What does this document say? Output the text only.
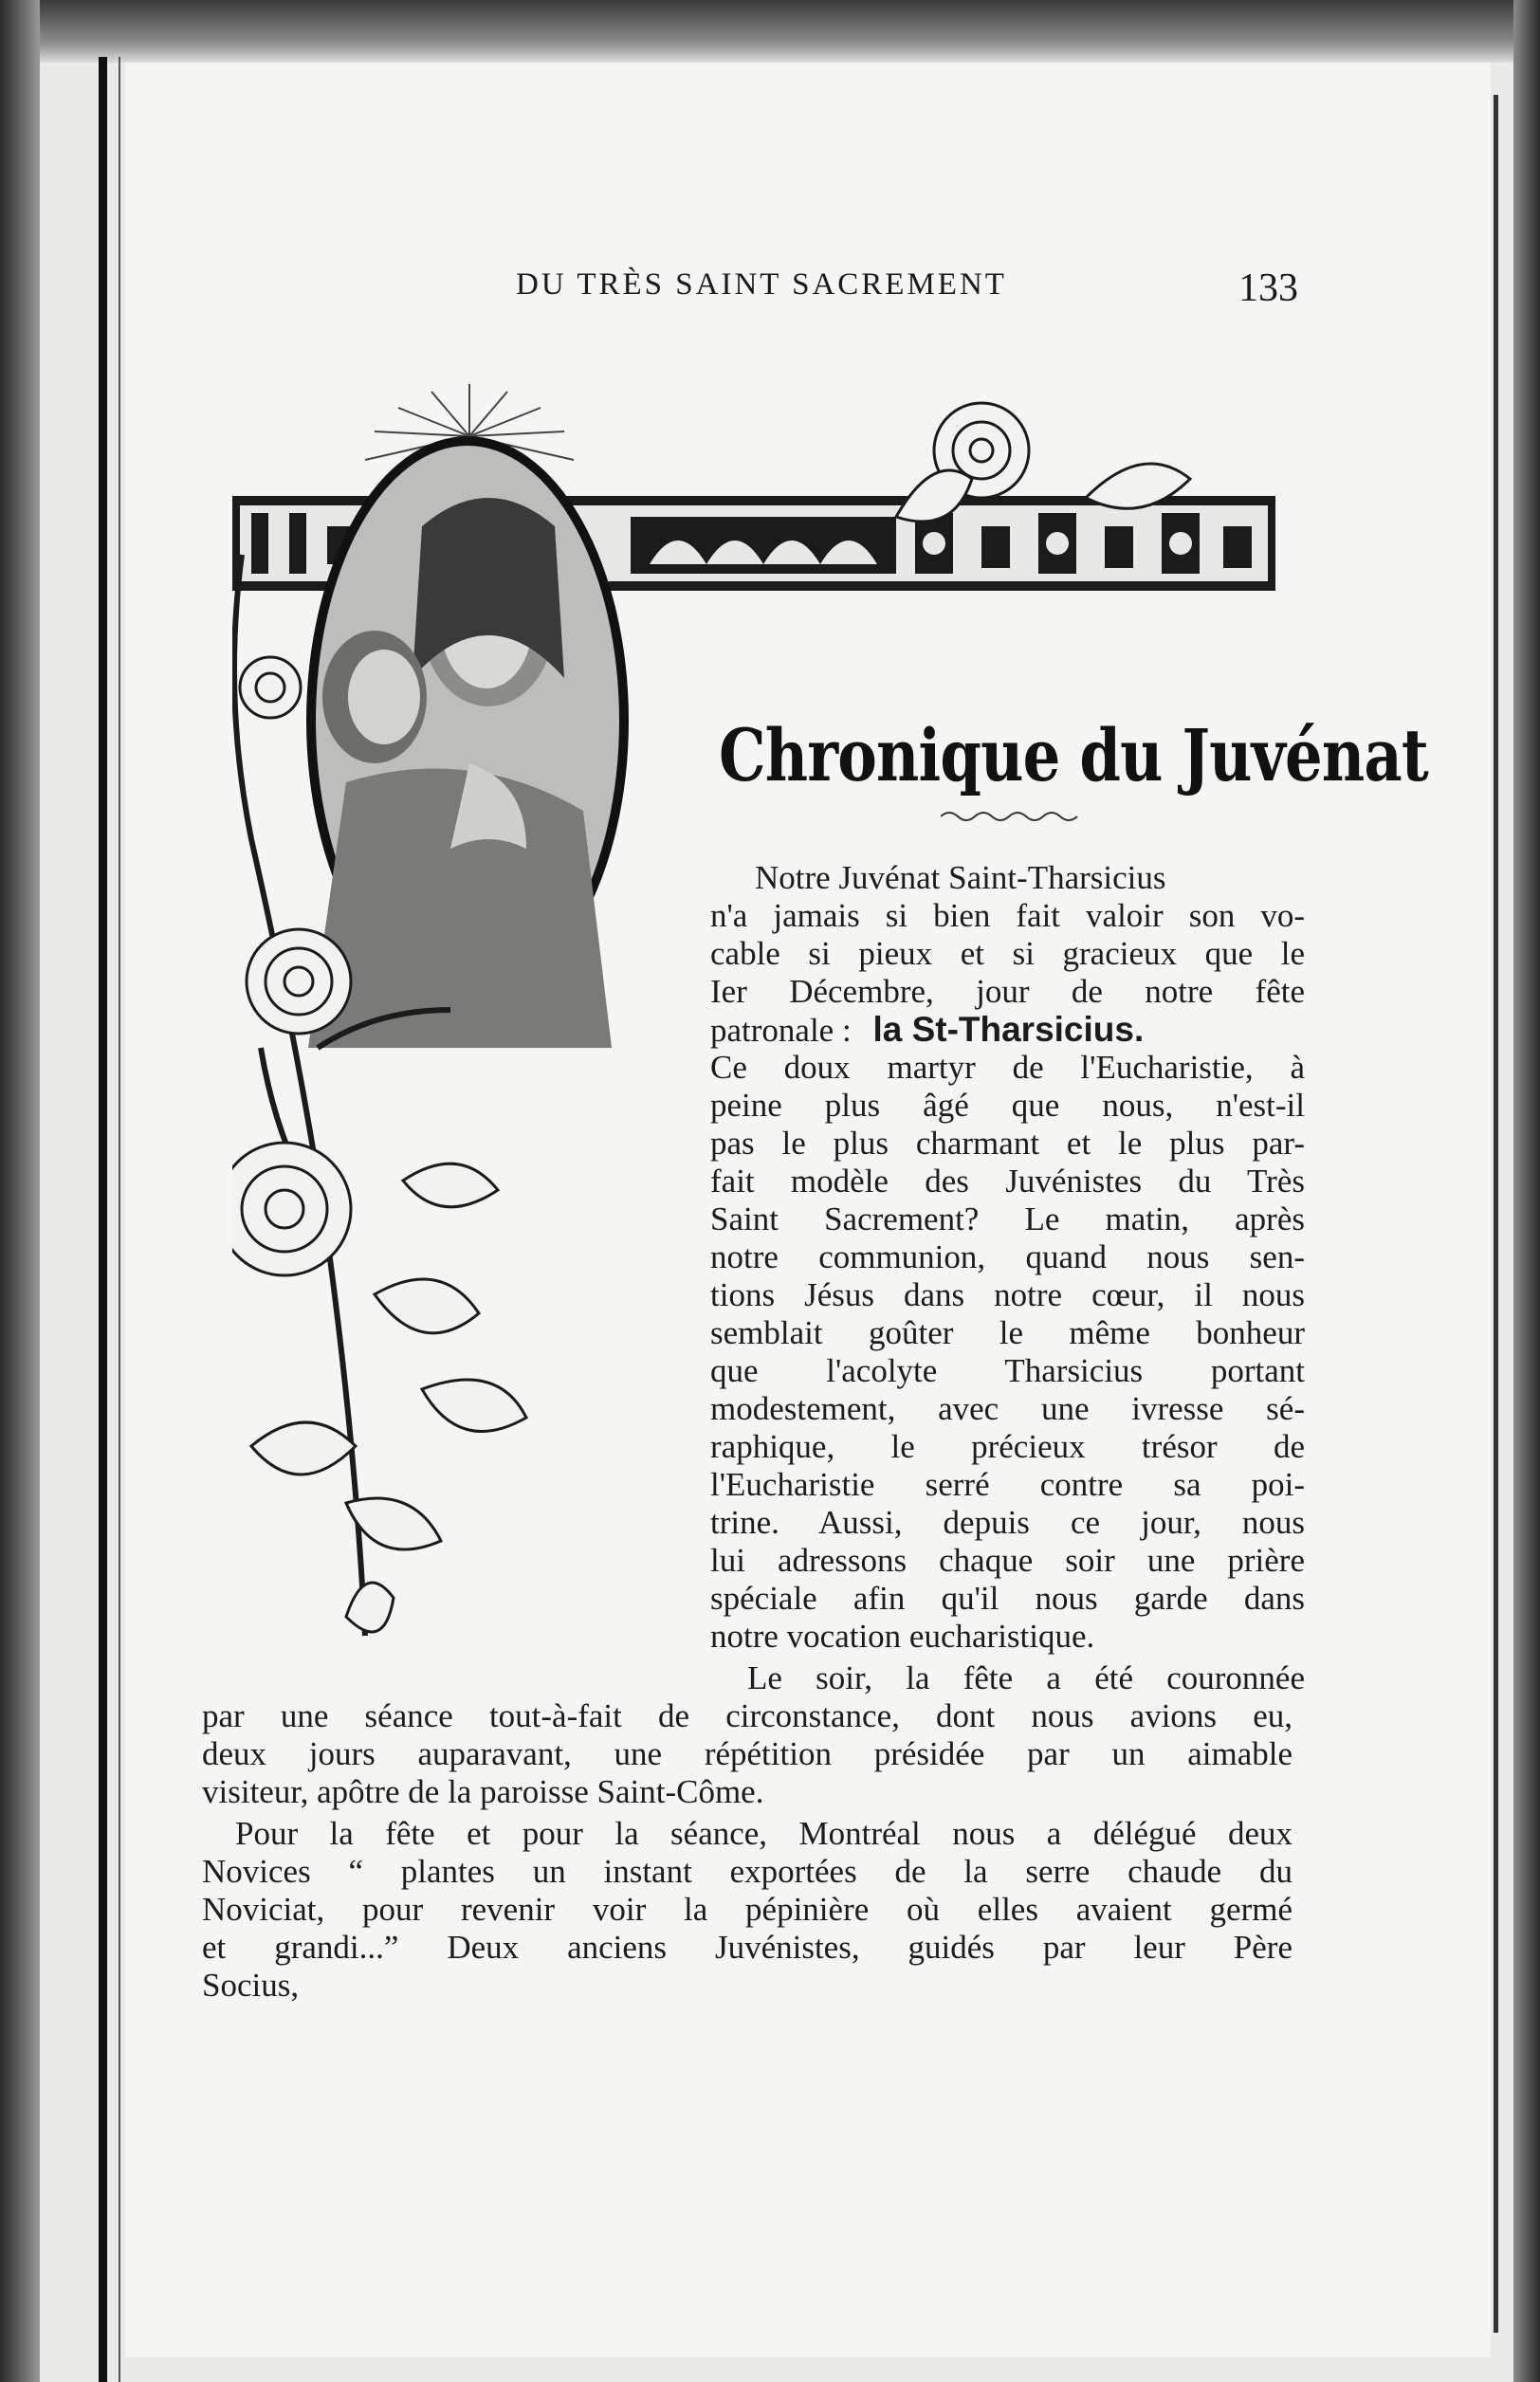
DU TRÈS SAINT SACREMENT	133
Chronique du Juvénat
Notre Juvénat Saint-Tharsicius
n'a jamais si bien fait valoir son vo-
cable si pieux et si gracieux que le
Ier Décembre, jour de notre fête
patronale : la St-Tharsicius.
Ce doux martyr de l'Eucharistie, à
peine plus âgé que nous, n'est-il
pas le plus charmant et le plus par-
fait modèle des Juvénistes du Très
Saint Sacrement? Le matin, après
notre communion, quand nous sen-
tions Jésus dans notre cœur, il nous
semblait goûter le même bonheur
que l'acolyte Tharsicius portant
modestement, avec une ivresse sé-
raphique, le précieux trésor de
l'Eucharistie serré contre sa poi-
trine. Aussi, depuis ce jour, nous
lui adressons chaque soir une prière
spéciale afin qu'il nous garde dans
notre vocation eucharistique.
Le soir, la fête a été couronnée
par une séance tout-à-fait de circonstance, dont nous avions eu,
deux jours auparavant, une répétition présidée par un aimable
visiteur, apôtre de la paroisse Saint-Côme.
Pour la fête et pour la séance, Montréal nous a délégué deux
Novices “ plantes un instant exportées de la serre chaude du
Noviciat, pour revenir voir la pépinière où elles avaient germé
et grandi...” Deux anciens Juvénistes, guidés par leur Père
Socius,
